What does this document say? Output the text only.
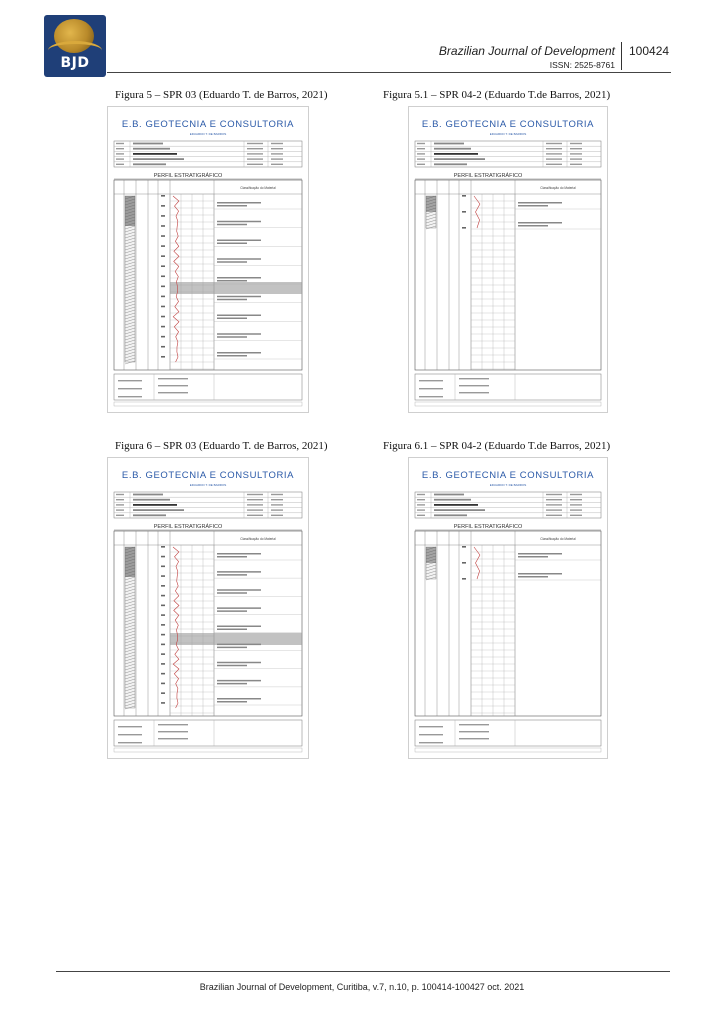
BJD
Brazilian Journal of Development
ISSN: 2525-8761
100424
Figura 5 – SPR 03 (Eduardo T. de Barros, 2021)	Figura 5.1 – SPR 04-2 (Eduardo T.de Barros, 2021)
Figura 6 – SPR 03 (Eduardo T. de Barros, 2021)	Figura 6.1 – SPR 04-2 (Eduardo T.de Barros, 2021)
E.B. GEOTECNIA E CONSULTORIA
EDUARDO T. DE BARROS
PERFIL ESTRATIGRÁFICO
Classificação do Material
E.B. GEOTECNIA E CONSULTORIA
EDUARDO T. DE BARROS
PERFIL ESTRATIGRÁFICO
Classificação do Material
E.B. GEOTECNIA E CONSULTORIA
EDUARDO T. DE BARROS
PERFIL ESTRATIGRÁFICO
Classificação do Material
E.B. GEOTECNIA E CONSULTORIA
EDUARDO T. DE BARROS
PERFIL ESTRATIGRÁFICO
Classificação do Material
Brazilian Journal of Development, Curitiba, v.7, n.10, p. 100414-100427 oct. 2021
